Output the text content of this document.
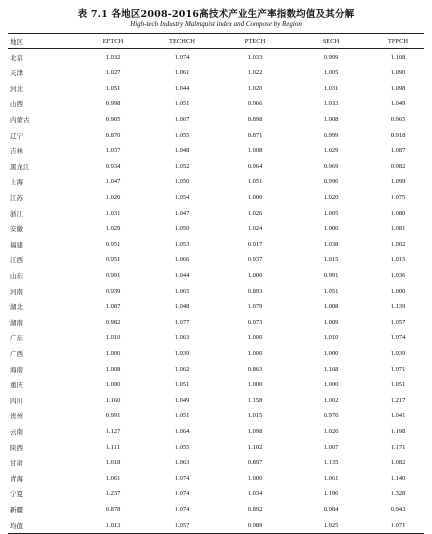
表 7.1 各地区2008-2016高技术产业生产率指数均值及其分解
High-tech Industry Malmquist index and Compose by Region
地区	EFTCH	TECHCH	PTECH	SECH	TFPCH
北京	1.032	1.074	1.033	0.999	1.108
天津	1.027	1.061	1.022	1.005	1.090
河北	1.051	1.044	1.020	1.031	1.098
山西	0.998	1.051	0.966	1.033	1.049
内蒙古	0.905	1.067	0.898	1.008	0.965
辽宁	0.870	1.055	0.871	0.999	0.918
吉林	1.037	1.048	1.008	1.029	1.087
黑龙江	0.934	1.052	0.964	0.969	0.982
上海	1.047	1.050	1.051	0.996	1.099
江苏	1.020	1.054	1.000	1.020	1.075
浙江	1.031	1.047	1.026	1.005	1.080
安徽	1.029	1.050	1.024	1.006	1.081
福建	0.951	1.053	0.917	1.038	1.002
江西	0.951	1.066	0.937	1.015	1.015
山东	0.991	1.044	1.000	0.991	1.036
河南	0.939	1.065	0.893	1.051	1.000
湖北	1.087	1.048	1.079	1.008	1.139
湖南	0.982	1.077	0.973	1.009	1.057
广东	1.010	1.063	1.000	1.010	1.074
广西	1.000	1.039	1.000	1.000	1.039
海南	1.008	1.062	0.863	1.168	1.071
重庆	1.000	1.051	1.000	1.000	1.051
四川	1.160	1.049	1.158	1.002	1.217
贵州	0.991	1.051	1.015	0.976	1.041
云南	1.127	1.064	1.098	1.026	1.198
陕西	1.111	1.055	1.102	1.007	1.171
甘肃	1.018	1.063	0.897	1.135	1.082
青海	1.061	1.074	1.000	1.061	1.140
宁夏	1.237	1.074	1.034	1.196	1.328
新疆	0.878	1.074	0.892	0.984	0.943
均值	1.013	1.057	0.989	1.025	1.071
